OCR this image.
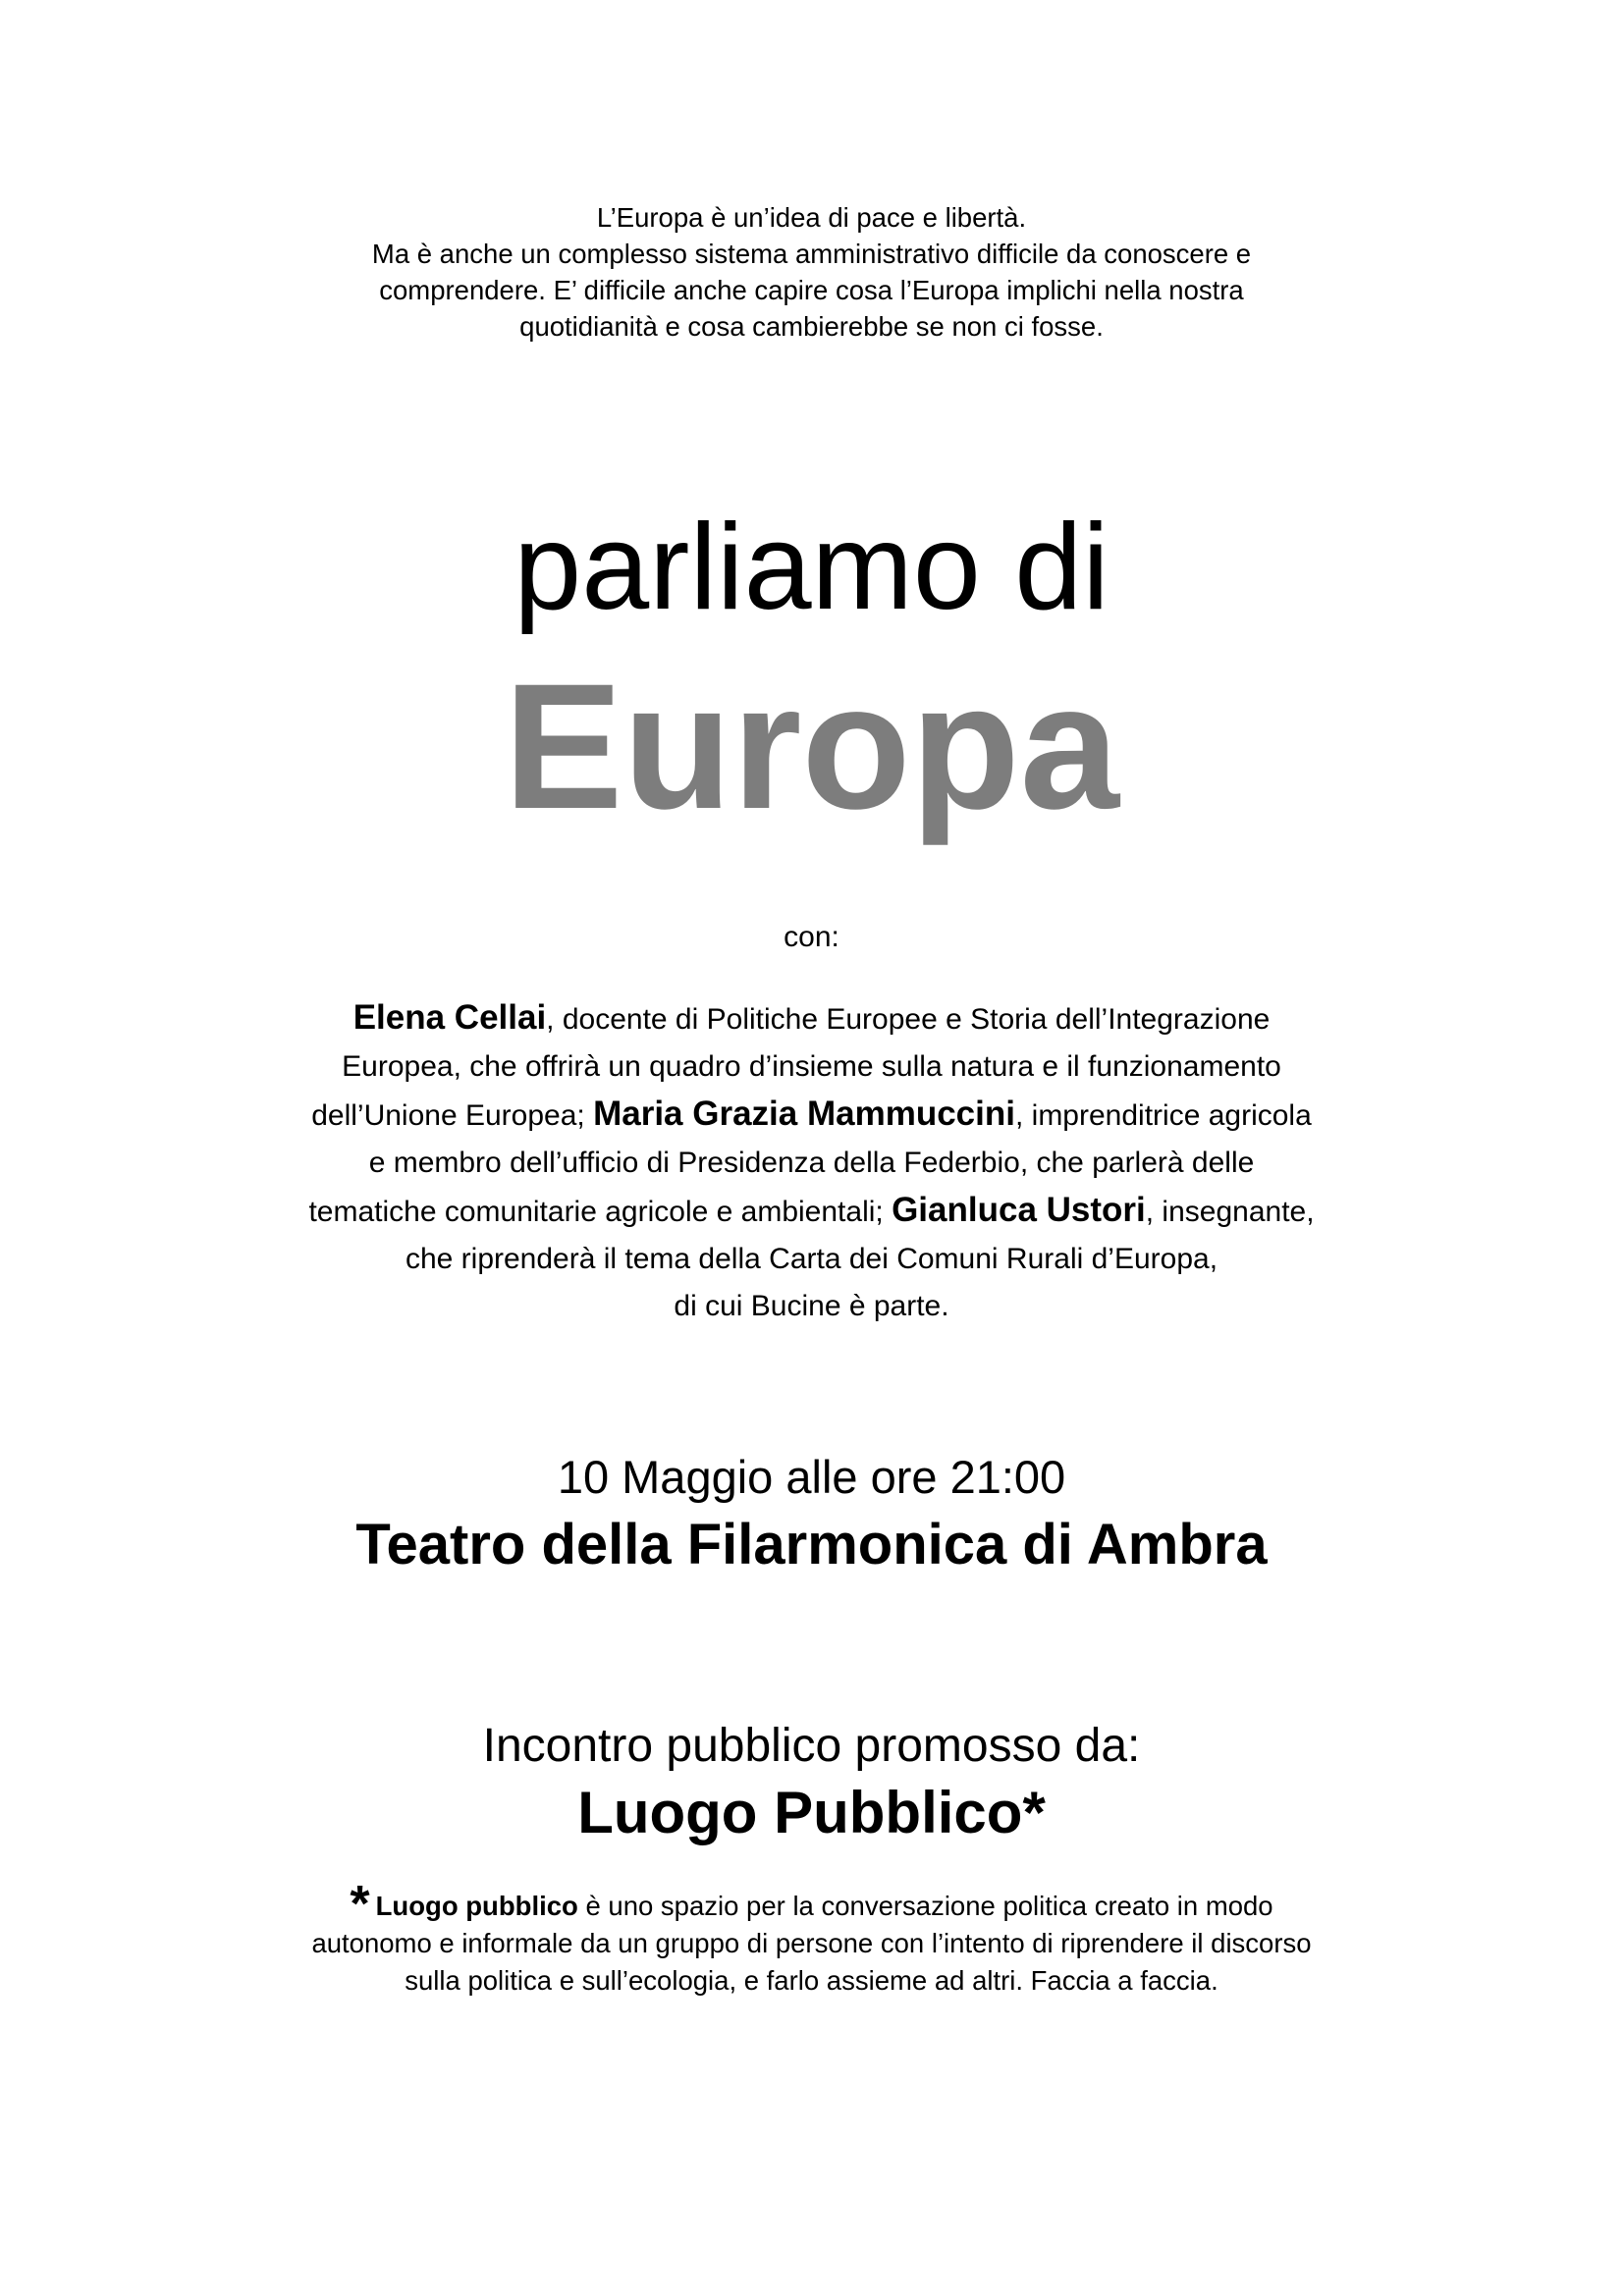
L’Europa è un’idea di pace e libertà.
Ma è anche un complesso sistema amministrativo difficile da conoscere e
comprendere. E’ difficile anche capire cosa l’Europa implichi nella nostra
quotidianità e cosa cambierebbe se non ci fosse.
parliamo di
Europa
con:
Elena Cellai, docente di Politiche Europee e Storia dell’Integrazione
Europea, che offrirà un quadro d’insieme sulla natura e il funzionamento
dell’Unione Europea; Maria Grazia Mammuccini, imprenditrice agricola
e membro dell’ufficio di Presidenza della Federbio, che parlerà delle
tematiche comunitarie agricole e ambientali; Gianluca Ustori, insegnante,
che riprenderà il tema della Carta dei Comuni Rurali d’Europa,
di cui Bucine è parte.
10 Maggio alle ore 21:00
Teatro della Filarmonica di Ambra
Incontro pubblico promosso da:
Luogo Pubblico*
* Luogo pubblico è uno spazio per la conversazione politica creato in modo
autonomo e informale da un gruppo di persone con l’intento di riprendere il discorso
sulla politica e sull’ecologia, e farlo assieme ad altri. Faccia a faccia.
